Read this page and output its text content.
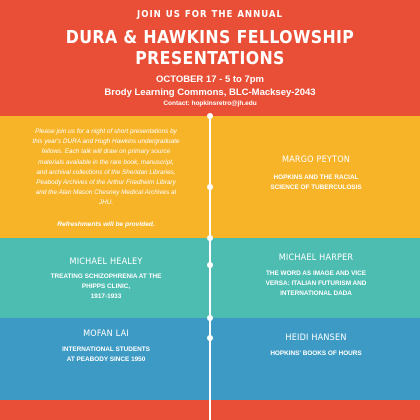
JOIN US FOR THE ANNUAL
DURA & HAWKINS FELLOWSHIP
PRESENTATIONS
OCTOBER 17 - 5 to 7pm
Brody Learning Commons, BLC-Macksey-2043
Contact: hopkinsretro@jh.edu
Please join us for a night of short presentations by
this year's DURA and Hugh Hawkins undergraduate
fellows. Each talk will draw on primary source
materials available in the rare book, manuscript,
and archival collections of the Sheridan Libraries,
Peabody Archives of the Arthur Friedheim Library
and the Alan Mason Chesney Medical Archives at
JHU.
Refreshments will be provided.
MARGO PEYTON
HOPKINS AND THE RACIAL
SCIENCE OF TUBERCULOSIS
MICHAEL HEALEY
TREATING SCHIZOPHRENIA AT THE
PHIPPS CLINIC,
1917-1933
MICHAEL HARPER
THE WORD AS IMAGE AND VICE
VERSA: ITALIAN FUTURISM AND
INTERNATIONAL DADA
MOFAN LAI
INTERNATIONAL STUDENTS
AT PEABODY SINCE 1950
HEIDI HANSEN
HOPKINS' BOOKS OF HOURS
